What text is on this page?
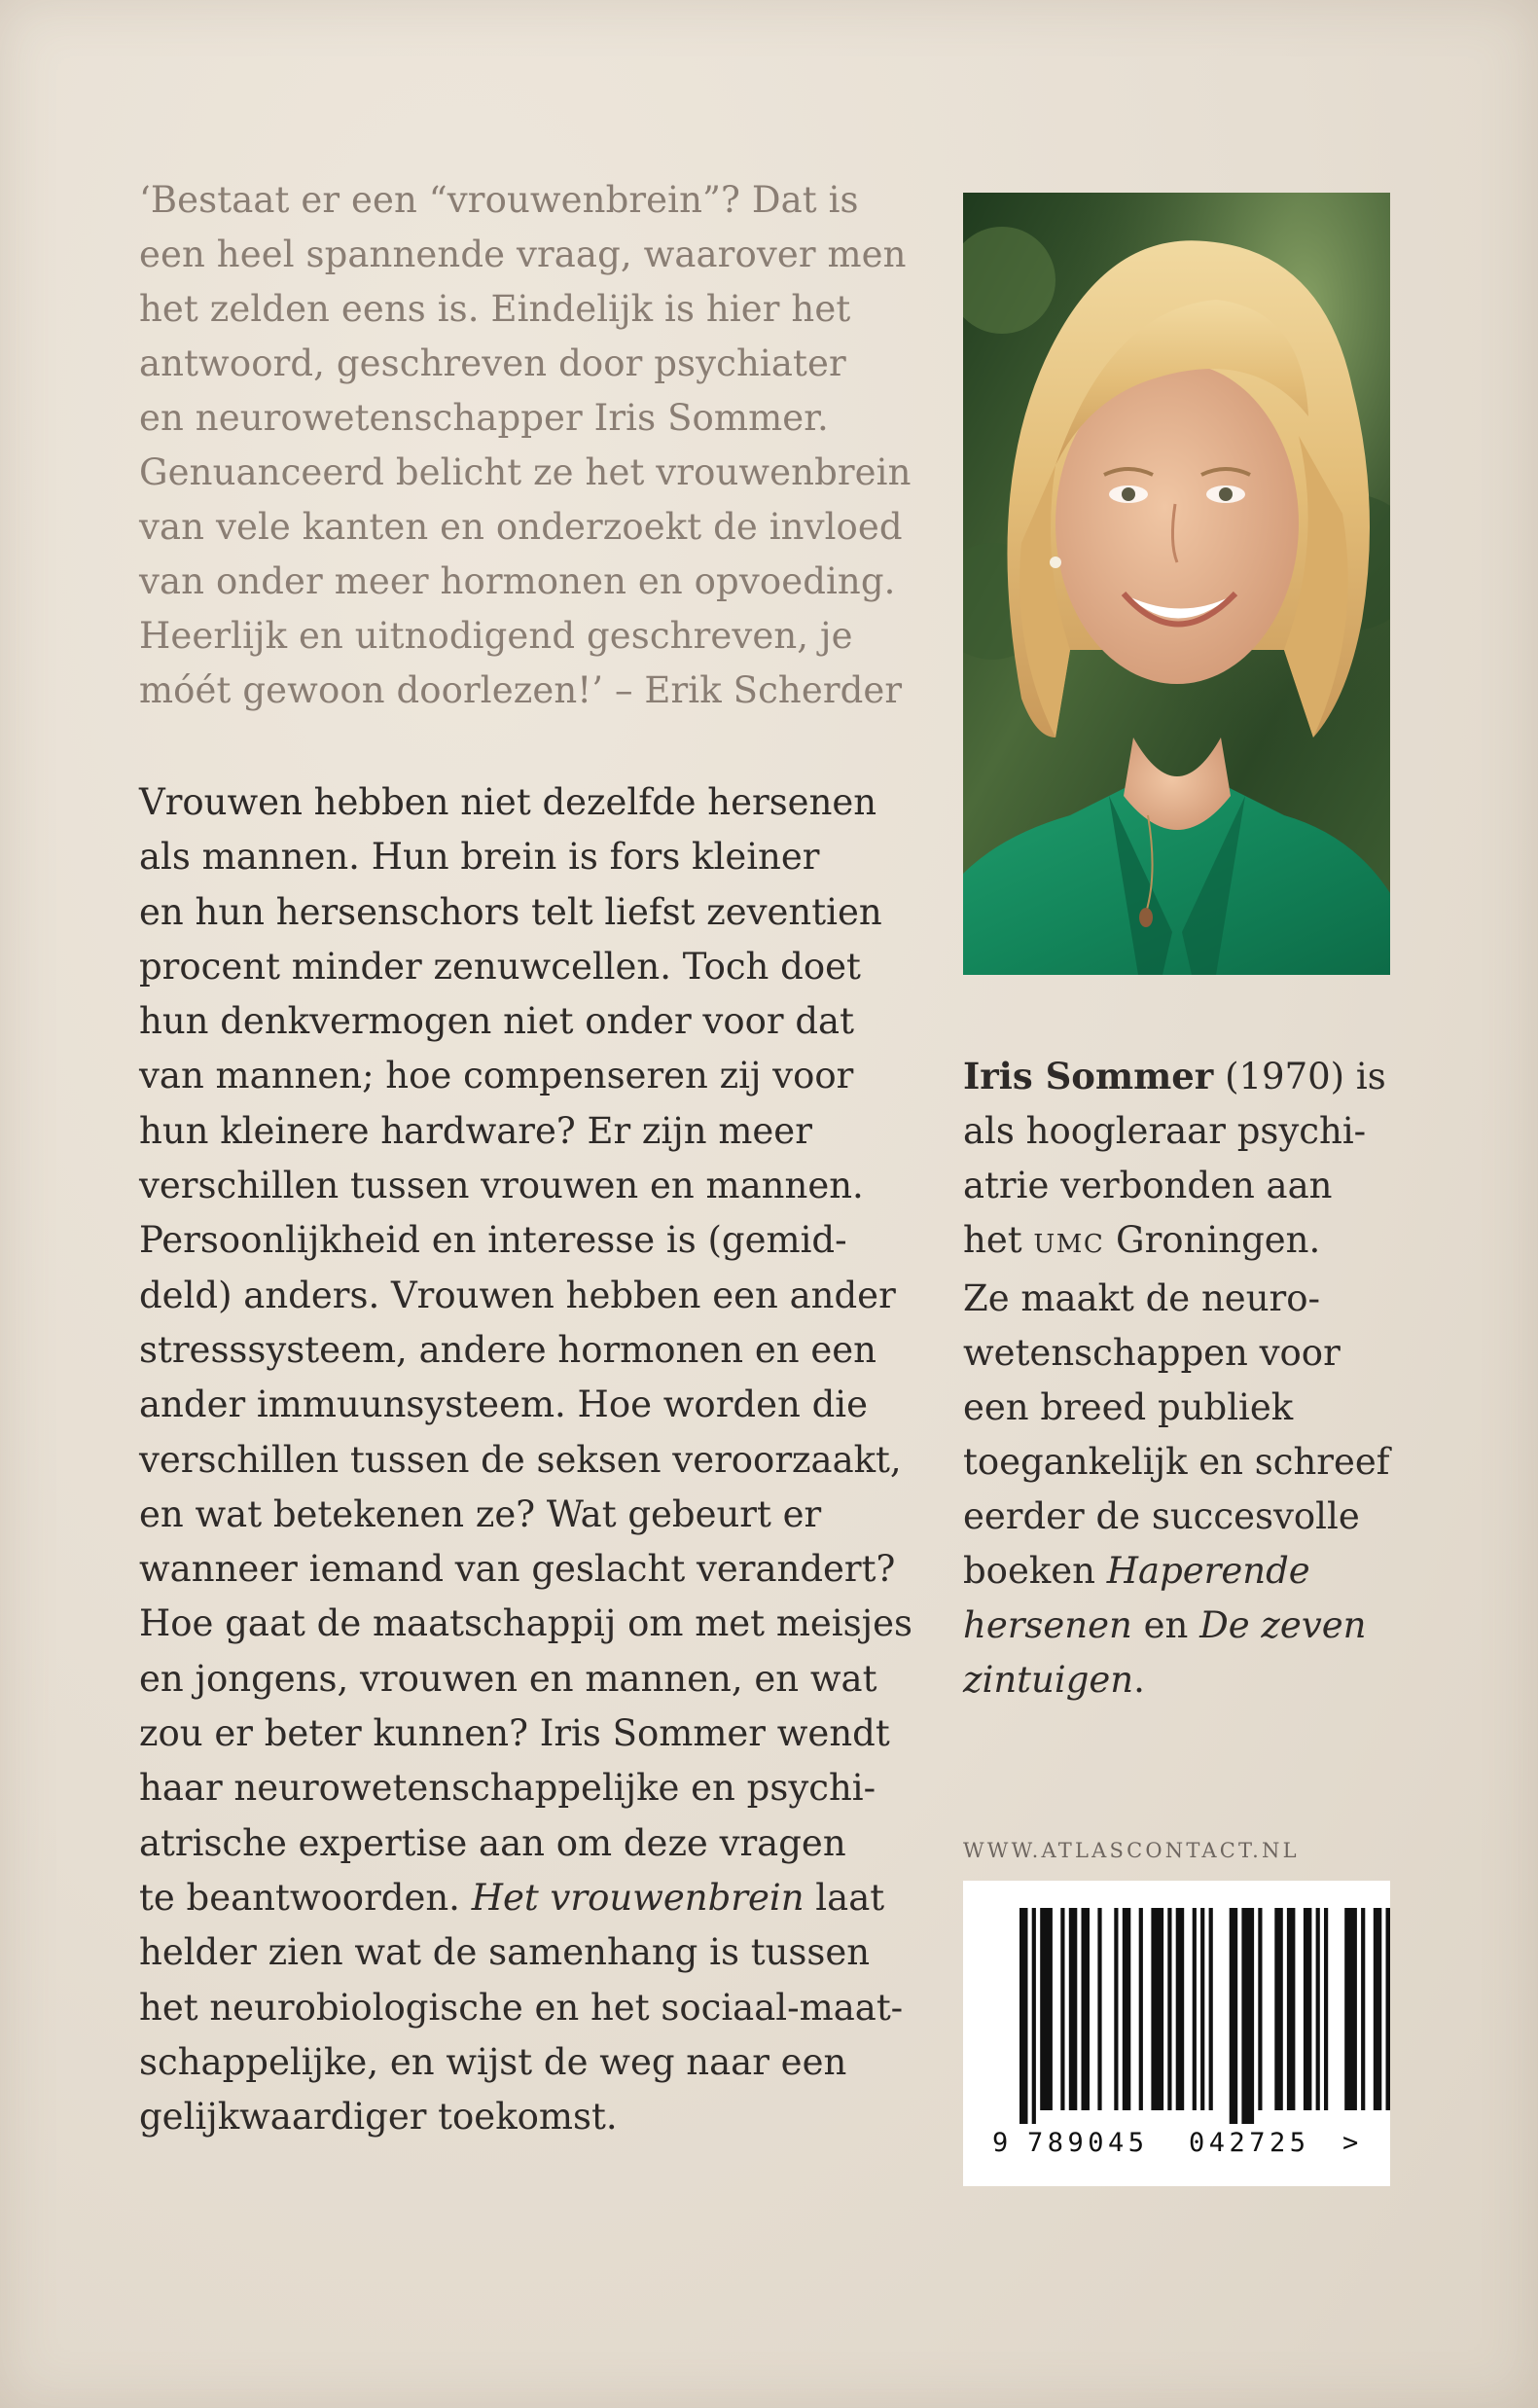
‘Bestaat er een “vrouwenbrein”? Dat is
een heel spannende vraag, waarover men
het zelden eens is. Eindelijk is hier het
antwoord, geschreven door psychiater
en neurowetenschapper Iris Sommer.
Genuanceerd belicht ze het vrouwenbrein
van vele kanten en onderzoekt de invloed
van onder meer hormonen en opvoeding.
Heerlijk en uitnodigend geschreven, je
móét gewoon doorlezen!’ – Erik Scherder
Vrouwen hebben niet dezelfde hersenen
als mannen. Hun brein is fors kleiner
en hun hersenschors telt liefst zeventien
procent minder zenuwcellen. Toch doet
hun denkvermogen niet onder voor dat
van mannen; hoe compenseren zij voor
hun kleinere hardware? Er zijn meer
verschillen tussen vrouwen en mannen.
Persoonlijkheid en interesse is (gemid-
deld) anders. Vrouwen hebben een ander
stresssysteem, andere hormonen en een
ander immuunsysteem. Hoe worden die
verschillen tussen de seksen veroorzaakt,
en wat betekenen ze? Wat gebeurt er
wanneer iemand van geslacht verandert?
Hoe gaat de maatschappij om met meisjes
en jongens, vrouwen en mannen, en wat
zou er beter kunnen? Iris Sommer wendt
haar neurowetenschappelijke en psychi-
atrische expertise aan om deze vragen
te beantwoorden. Het vrouwenbrein laat
helder zien wat de samenhang is tussen
het neurobiologische en het sociaal-maat-
schappelijke, en wijst de weg naar een
gelijkwaardiger toekomst.
Iris Sommer (1970) is
als hoogleraar psychi-
atrie verbonden aan
het UMC Groningen.
Ze maakt de neuro-
wetenschappen voor
een breed publiek
toegankelijk en schreef
eerder de succesvolle
boeken Haperende
hersenen en De zeven
zintuigen.
WWW.ATLASCONTACT.NL
9 789045 042725 >
